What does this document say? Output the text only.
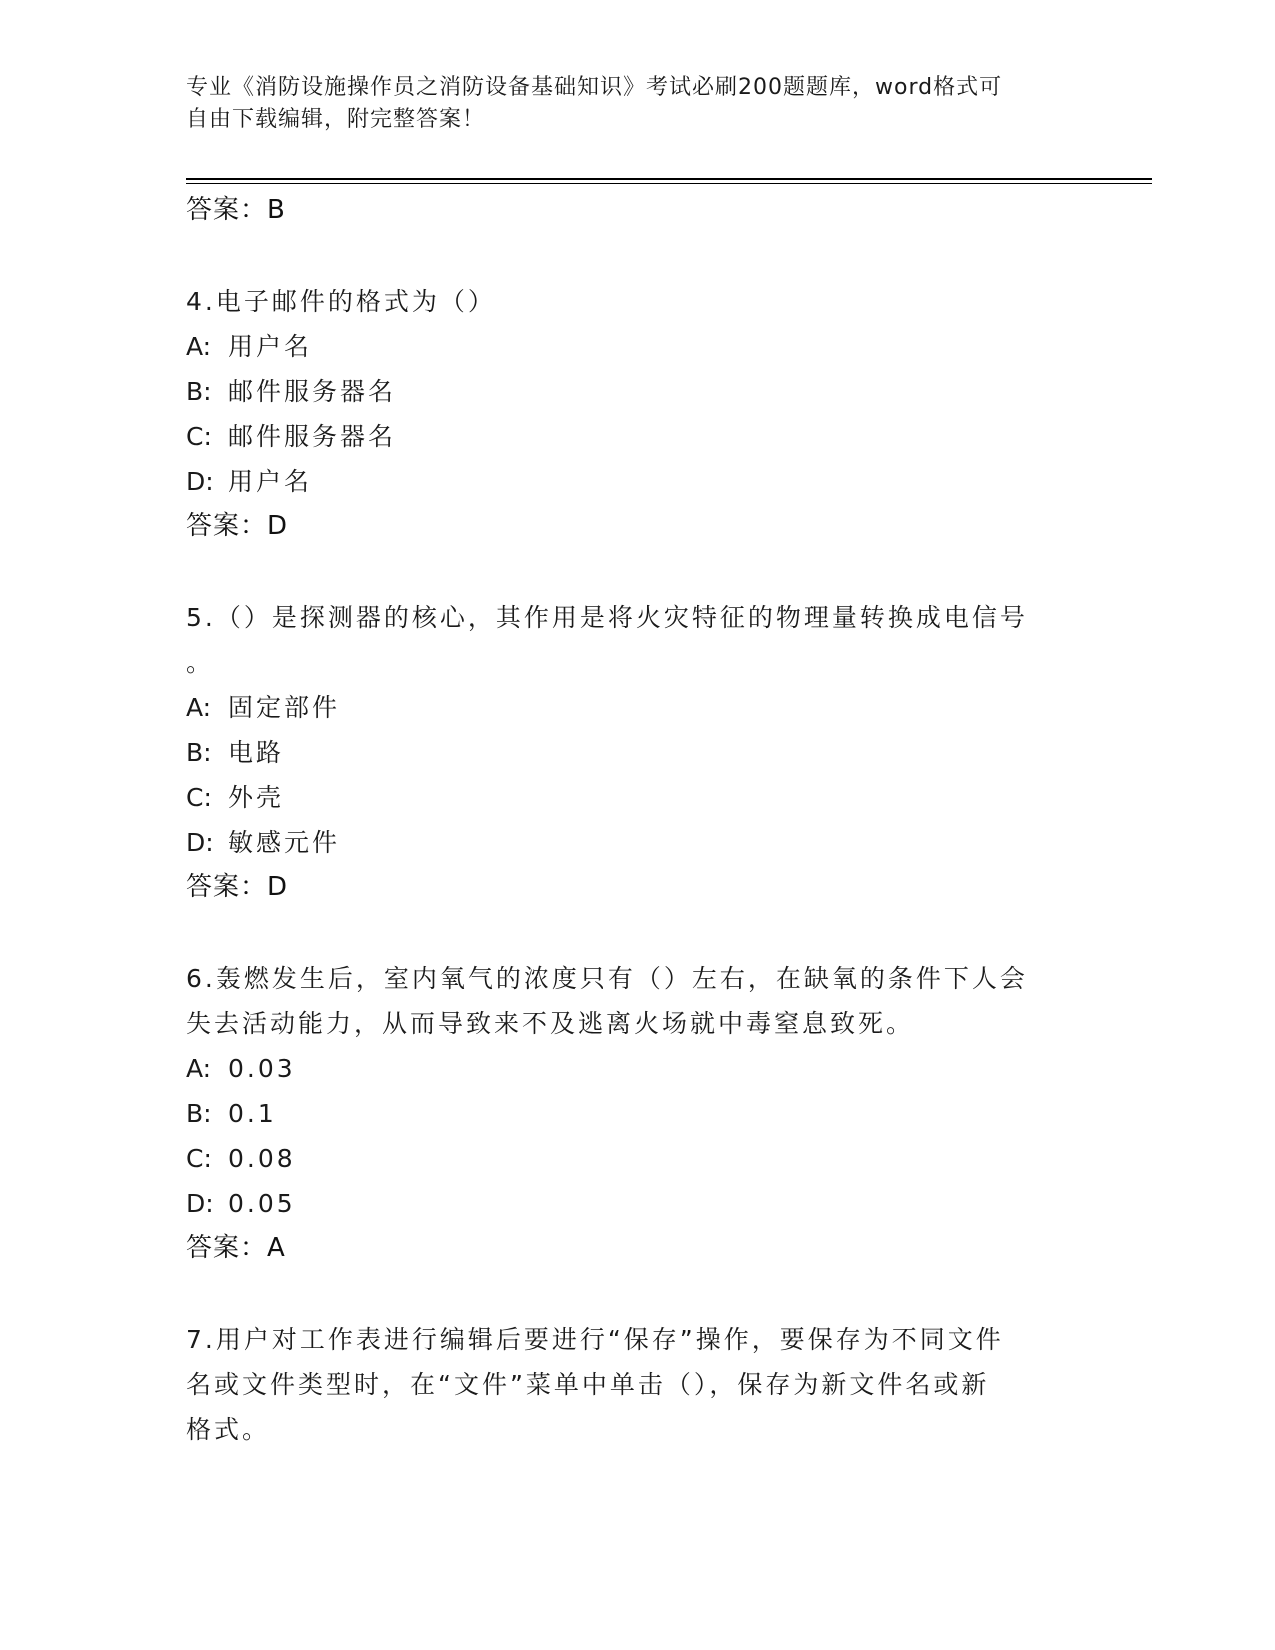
专业《消防设施操作员之消防设备基础知识》考试必刷200题题库，word格式可
自由下载编辑，附完整答案！
答案：B
4.电子邮件的格式为（）
A: 用户名
B: 邮件服务器名
C: 邮件服务器名
D: 用户名
答案：D
5.（）是探测器的核心，其作用是将火灾特征的物理量转换成电信号
。
A: 固定部件
B: 电路
C: 外壳
D: 敏感元件
答案：D
6.轰燃发生后，室内氧气的浓度只有（）左右，在缺氧的条件下人会
失去活动能力，从而导致来不及逃离火场就中毒窒息致死。
A: 0.03
B: 0.1
C: 0.08
D: 0.05
答案：A
7.用户对工作表进行编辑后要进行“保存”操作，要保存为不同文件
名或文件类型时，在“文件”菜单中单击（），保存为新文件名或新
格式。
